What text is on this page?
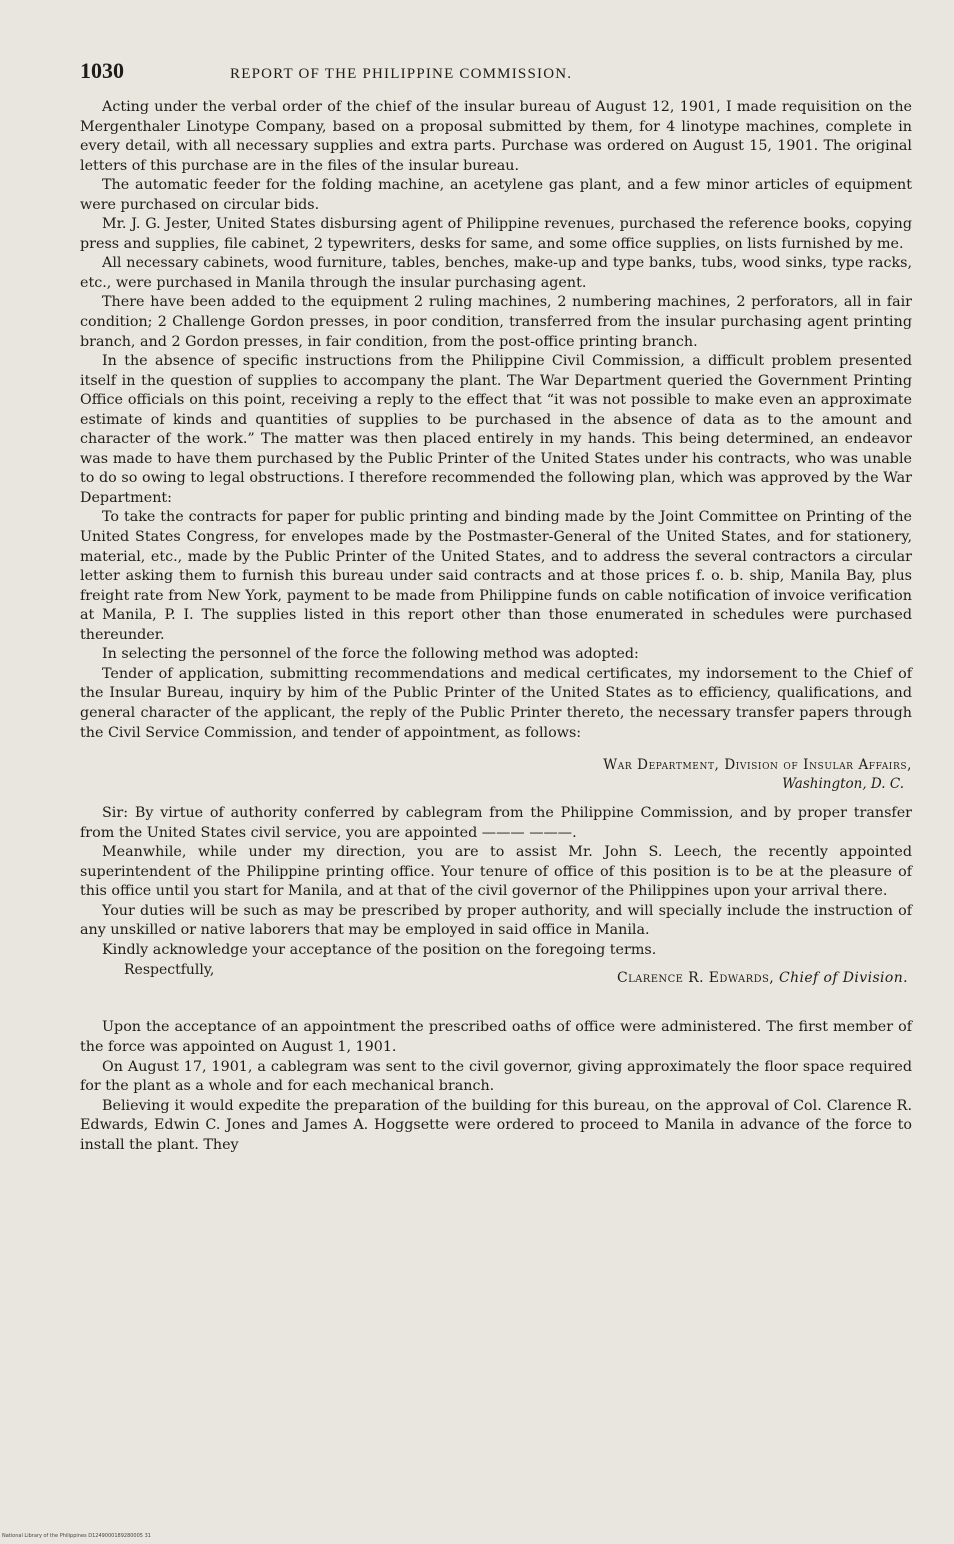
1030	REPORT OF THE PHILIPPINE COMMISSION.

Acting under the verbal order of the chief of the insular bureau of August 12, 1901, I made requisition on the Mergenthaler Linotype Company, based on a proposal submitted by them, for 4 linotype machines, complete in every detail, with all necessary supplies and extra parts. Purchase was ordered on August 15, 1901. The original letters of this purchase are in the files of the insular bureau.

The automatic feeder for the folding machine, an acetylene gas plant, and a few minor articles of equipment were purchased on circular bids.

Mr. J. G. Jester, United States disbursing agent of Philippine revenues, purchased the reference books, copying press and supplies, file cabinet, 2 typewriters, desks for same, and some office supplies, on lists furnished by me.

All necessary cabinets, wood furniture, tables, benches, make-up and type banks, tubs, wood sinks, type racks, etc., were purchased in Manila through the insular purchasing agent.

There have been added to the equipment 2 ruling machines, 2 numbering machines, 2 perforators, all in fair condition; 2 Challenge Gordon presses, in poor condition, transferred from the insular purchasing agent printing branch, and 2 Gordon presses, in fair condition, from the post-office printing branch.

In the absence of specific instructions from the Philippine Civil Commission, a difficult problem presented itself in the question of supplies to accompany the plant. The War Department queried the Government Printing Office officials on this point, receiving a reply to the effect that “it was not possible to make even an approximate estimate of kinds and quantities of supplies to be purchased in the absence of data as to the amount and character of the work.” The matter was then placed entirely in my hands. This being determined, an endeavor was made to have them purchased by the Public Printer of the United States under his contracts, who was unable to do so owing to legal obstructions. I therefore recommended the following plan, which was approved by the War Department:

To take the contracts for paper for public printing and binding made by the Joint Committee on Printing of the United States Congress, for envelopes made by the Postmaster-General of the United States, and for stationery, material, etc., made by the Public Printer of the United States, and to address the several contractors a circular letter asking them to furnish this bureau under said contracts and at those prices f. o. b. ship, Manila Bay, plus freight rate from New York, payment to be made from Philippine funds on cable notification of invoice verification at Manila, P. I. The supplies listed in this report other than those enumerated in schedules were purchased thereunder.

In selecting the personnel of the force the following method was adopted:

Tender of application, submitting recommendations and medical certificates, my indorsement to the Chief of the Insular Bureau, inquiry by him of the Public Printer of the United States as to efficiency, qualifications, and general character of the applicant, the reply of the Public Printer thereto, the necessary transfer papers through the Civil Service Commission, and tender of appointment, as follows:

War Department, Division of Insular Affairs,
Washington, D. C.

Sir: By virtue of authority conferred by cablegram from the Philippine Commission, and by proper transfer from the United States civil service, you are appointed ——— ———.

Meanwhile, while under my direction, you are to assist Mr. John S. Leech, the recently appointed superintendent of the Philippine printing office. Your tenure of office of this position is to be at the pleasure of this office until you start for Manila, and at that of the civil governor of the Philippines upon your arrival there.

Your duties will be such as may be prescribed by proper authority, and will specially include the instruction of any unskilled or native laborers that may be employed in said office in Manila.

Kindly acknowledge your acceptance of the position on the foregoing terms.

Respectfully,	Clarence R. Edwards, Chief of Division.

Upon the acceptance of an appointment the prescribed oaths of office were administered. The first member of the force was appointed on August 1, 1901.

On August 17, 1901, a cablegram was sent to the civil governor, giving approximately the floor space required for the plant as a whole and for each mechanical branch.

Believing it would expedite the preparation of the building for this bureau, on the approval of Col. Clarence R. Edwards, Edwin C. Jones and James A. Hoggsette were ordered to proceed to Manila in advance of the force to install the plant. They

National Library of the Philippines D1249000189280005 31
